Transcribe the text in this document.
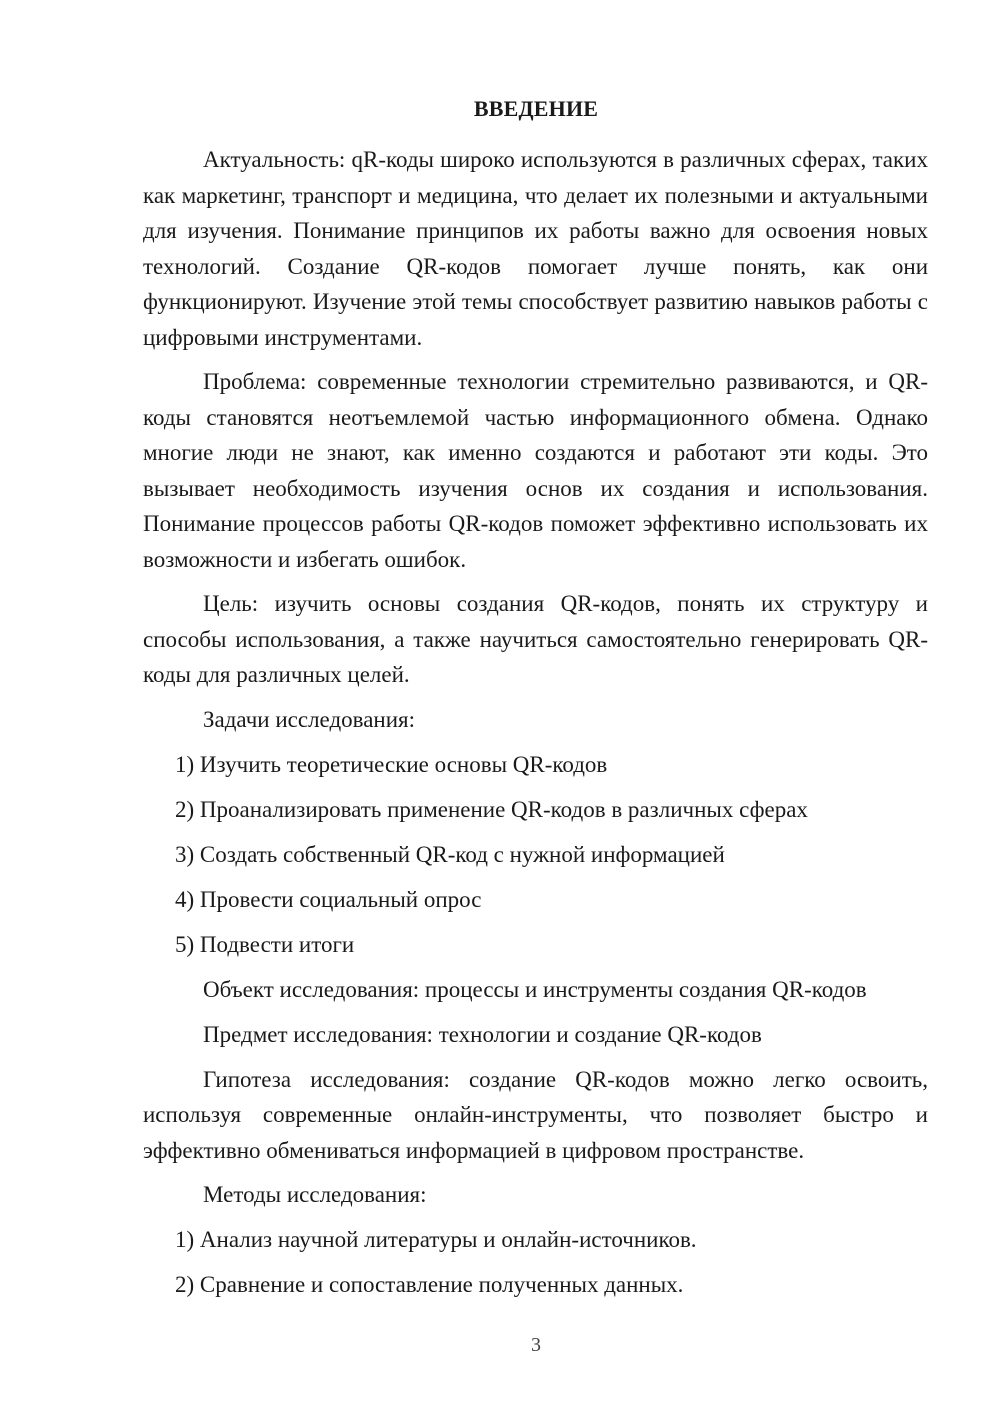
ВВЕДЕНИЕ

Актуальность: qR-коды широко используются в различных сферах, таких как маркетинг, транспорт и медицина, что делает их полезными и актуальными для изучения. Понимание принципов их работы важно для освоения новых технологий. Создание QR-кодов помогает лучше понять, как они функционируют. Изучение этой темы способствует развитию навыков работы с цифровыми инструментами.

Проблема: современные технологии стремительно развиваются, и QR-коды становятся неотъемлемой частью информационного обмена. Однако многие люди не знают, как именно создаются и работают эти коды. Это вызывает необходимость изучения основ их создания и использования. Понимание процессов работы QR-кодов поможет эффективно использовать их возможности и избегать ошибок.

Цель: изучить основы создания QR-кодов, понять их структуру и способы использования, а также научиться самостоятельно генерировать QR-коды для различных целей.

Задачи исследования:

1) Изучить теоретические основы QR-кодов

2) Проанализировать применение QR-кодов в различных сферах

3) Создать собственный QR-код с нужной информацией

4) Провести социальный опрос

5) Подвести итоги

Объект исследования: процессы и инструменты создания QR-кодов

Предмет исследования: технологии и создание QR-кодов

Гипотеза исследования: создание QR-кодов можно легко освоить, используя современные онлайн-инструменты, что позволяет быстро и эффективно обмениваться информацией в цифровом пространстве.

Методы исследования:

1) Анализ научной литературы и онлайн-источников.

2) Сравнение и сопоставление полученных данных.

3
